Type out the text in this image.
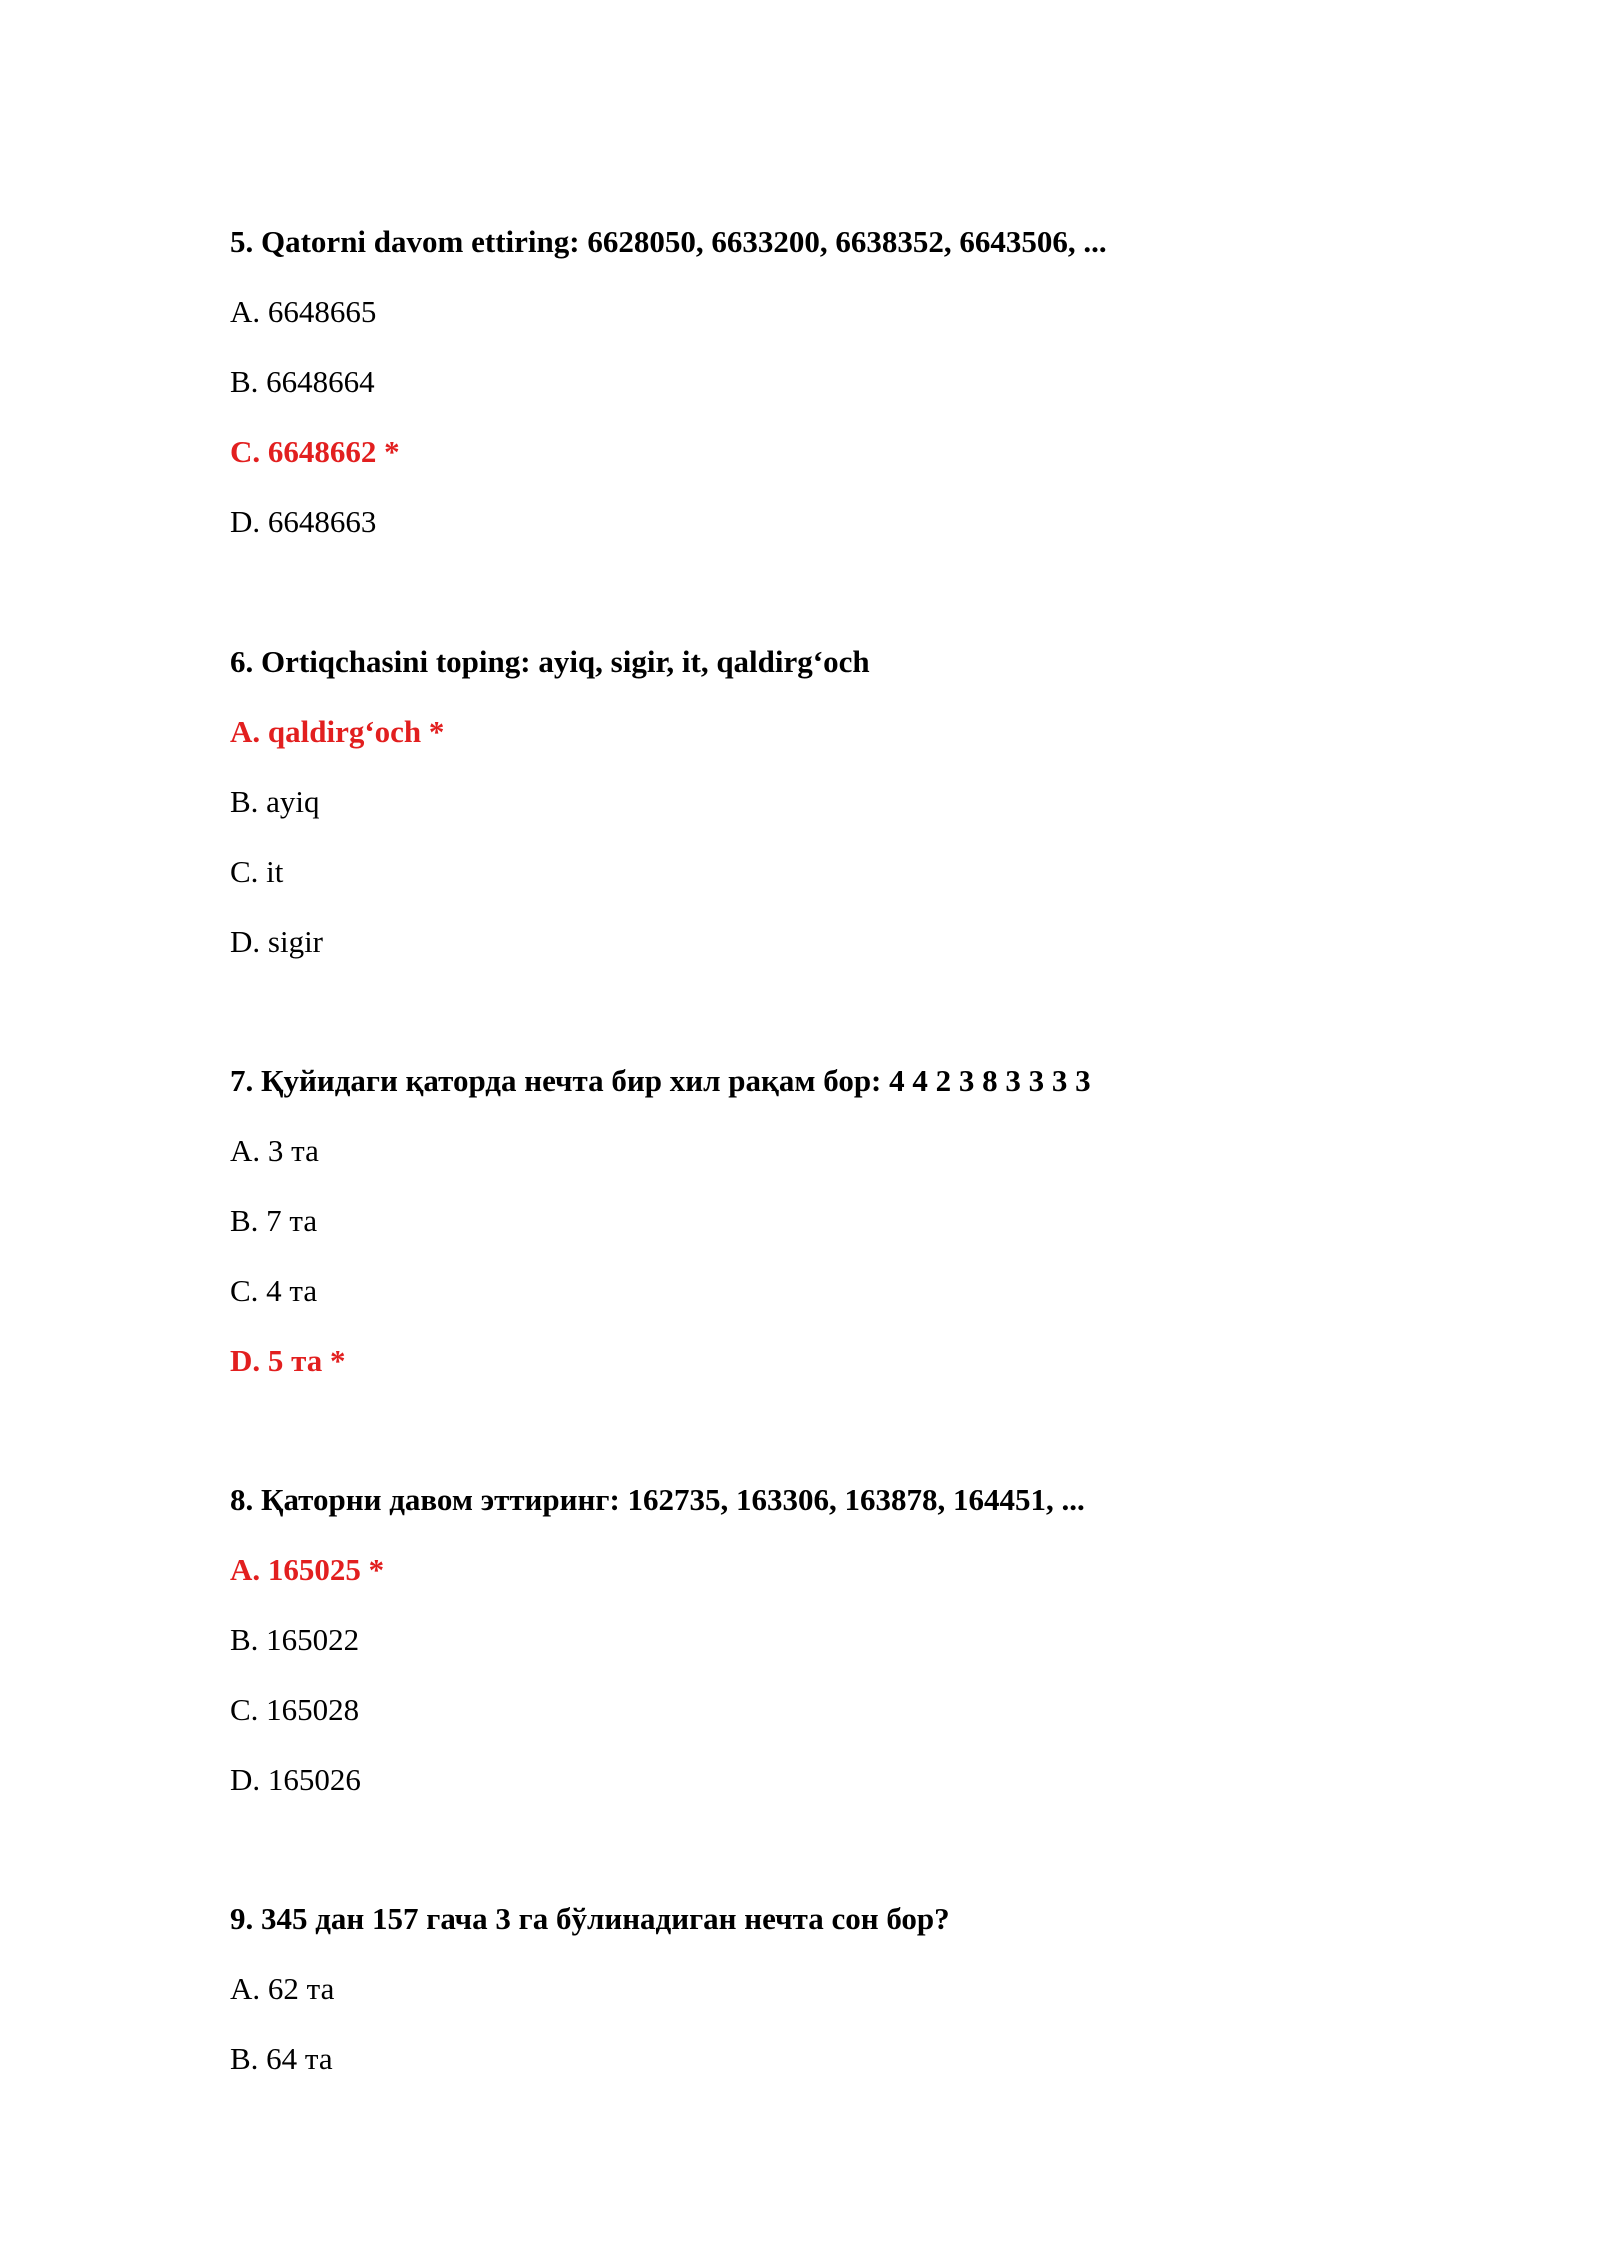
5. Qatorni davom ettiring: 6628050, 6633200, 6638352, 6643506, ...
A. 6648665
B. 6648664
C. 6648662 *
D. 6648663
6. Ortiqchasini toping: ayiq, sigir, it, qaldirg‘och
A. qaldirg‘och *
B. ayiq
C. it
D. sigir
7. Қуйидаги қаторда нечта бир хил рақам бор: 4 4 2 3 8 3 3 3 3
A. 3 та
B. 7 та
C. 4 та
D. 5 та *
8. Қаторни давом эттиринг: 162735, 163306, 163878, 164451, ...
A. 165025 *
B. 165022
C. 165028
D. 165026
9. 345 дан 157 гача 3 га бўлинадиган нечта сон бор?
A. 62 та
B. 64 та
